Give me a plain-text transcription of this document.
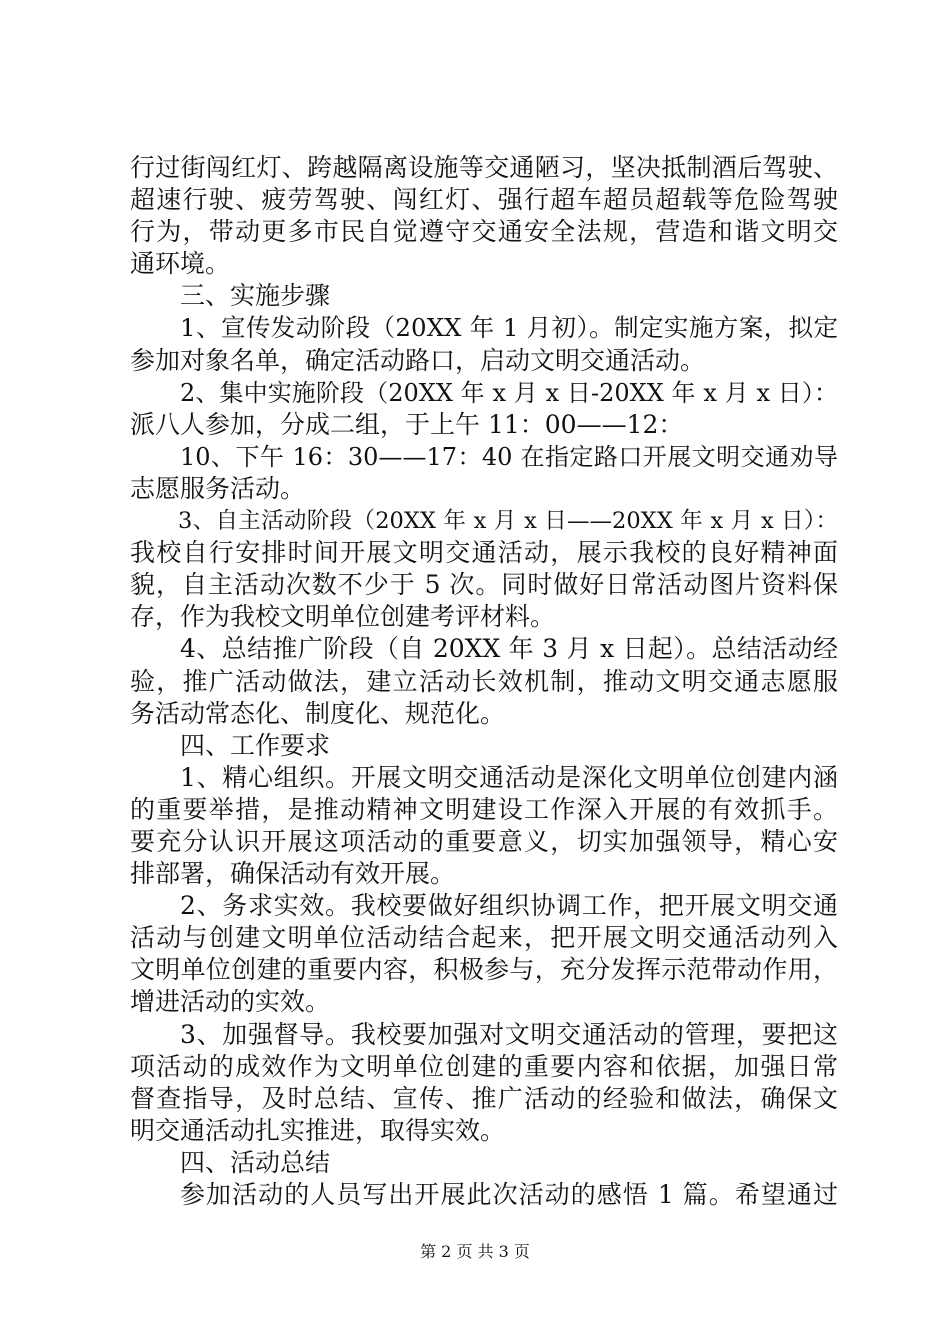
行过街闯红灯、跨越隔离设施等交通陋习，坚决抵制酒后驾驶、
超速行驶、疲劳驾驶、闯红灯、强行超车超员超载等危险驾驶
行为，带动更多市民自觉遵守交通安全法规，营造和谐文明交
通环境。
三、实施步骤
1、宣传发动阶段（20XX 年 1 月初）。制定实施方案，拟定
参加对象名单，确定活动路口，启动文明交通活动。
2、集中实施阶段（20XX 年 x 月 x 日-20XX 年 x 月 x 日）：
派八人参加，分成二组，于上午 11：00——12：
10、下午 16：30——17：40 在指定路口开展文明交通劝导
志愿服务活动。
3、自主活动阶段（20XX 年 x 月 x 日——20XX 年 x 月 x 日）：
我校自行安排时间开展文明交通活动，展示我校的良好精神面
貌，自主活动次数不少于 5 次。同时做好日常活动图片资料保
存，作为我校文明单位创建考评材料。
4、总结推广阶段（自 20XX 年 3 月 x 日起）。总结活动经
验，推广活动做法，建立活动长效机制，推动文明交通志愿服
务活动常态化、制度化、规范化。
四、工作要求
1、精心组织。开展文明交通活动是深化文明单位创建内涵
的重要举措，是推动精神文明建设工作深入开展的有效抓手。
要充分认识开展这项活动的重要意义，切实加强领导，精心安
排部署，确保活动有效开展。
2、务求实效。我校要做好组织协调工作，把开展文明交通
活动与创建文明单位活动结合起来，把开展文明交通活动列入
文明单位创建的重要内容，积极参与，充分发挥示范带动作用，
增进活动的实效。
3、加强督导。我校要加强对文明交通活动的管理，要把这
项活动的成效作为文明单位创建的重要内容和依据，加强日常
督查指导，及时总结、宣传、推广活动的经验和做法，确保文
明交通活动扎实推进，取得实效。
四、活动总结
参加活动的人员写出开展此次活动的感悟 1 篇。希望通过
第 2 页 共 3 页
